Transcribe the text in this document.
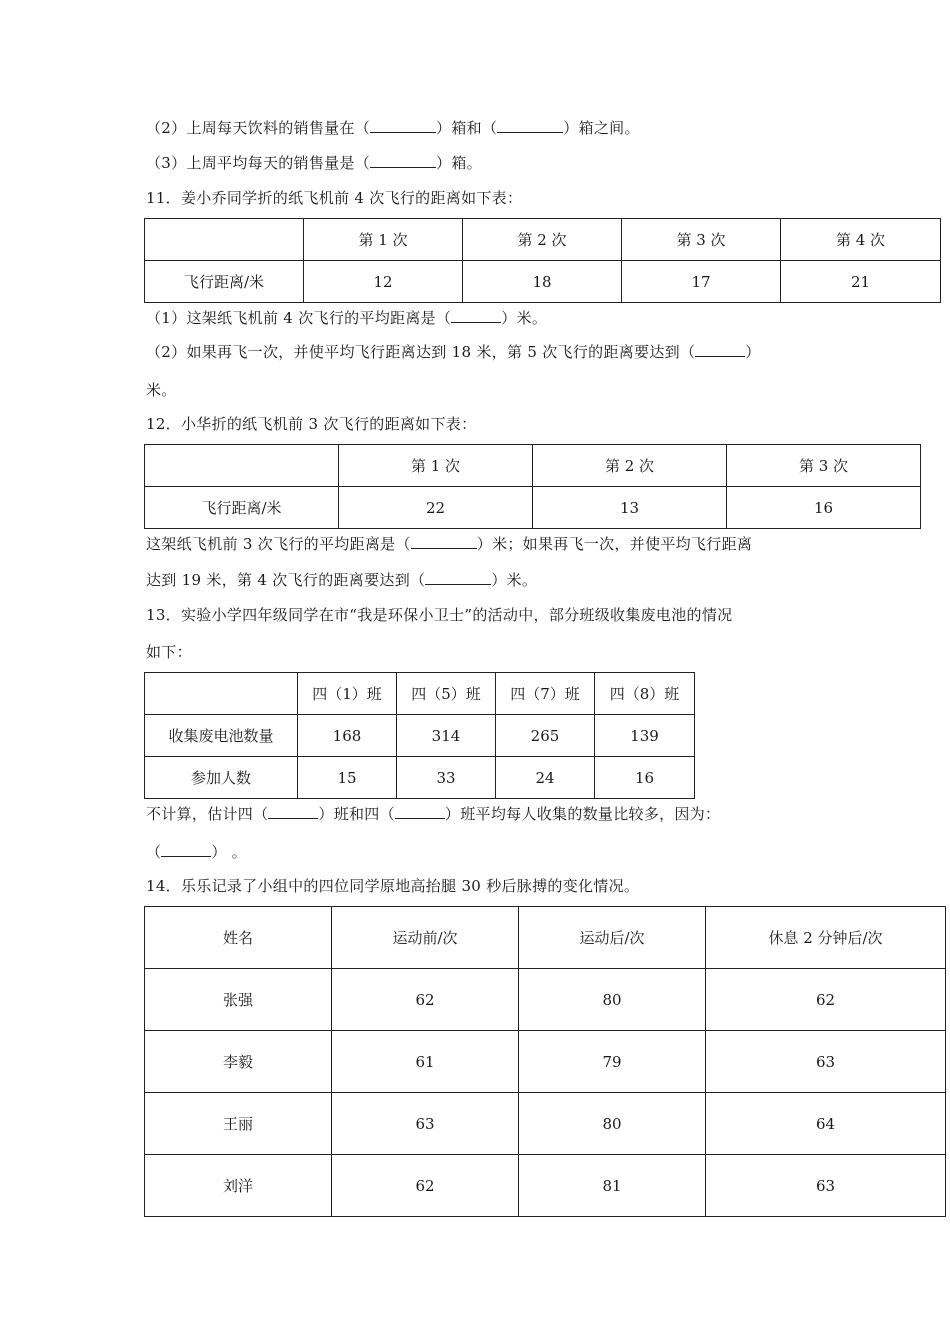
（2）上周每天饮料的销售量在（	）箱和（	）箱之间。
（3）上周平均每天的销售量是（	）箱。
11．姜小乔同学折的纸飞机前 4 次飞行的距离如下表：
	第 1 次	第 2 次	第 3 次	第 4 次
飞行距离/米	12	18	17	21
（1）这架纸飞机前 4 次飞行的平均距离是（	）米。
（2）如果再飞一次，并使平均飞行距离达到 18 米，第 5 次飞行的距离要达到（	）
米。
12．小华折的纸飞机前 3 次飞行的距离如下表：
	第 1 次	第 2 次	第 3 次
飞行距离/米	22	13	16
这架纸飞机前 3 次飞行的平均距离是（	）米；如果再飞一次，并使平均飞行距离
达到 19 米，第 4 次飞行的距离要达到（	）米。
13．实验小学四年级同学在市“我是环保小卫士”的活动中，部分班级收集废电池的情况
如下：
	四（1）班	四（5）班	四（7）班	四（8）班
收集废电池数量	168	314	265	139
参加人数	15	33	24	16
不计算，估计四（	）班和四（	）班平均每人收集的数量比较多，因为：
（	） 。
14．乐乐记录了小组中的四位同学原地高抬腿 30 秒后脉搏的变化情况。
姓名	运动前/次	运动后/次	休息 2 分钟后/次
张强	62	80	62
李毅	61	79	63
王丽	63	80	64
刘洋	62	81	63
